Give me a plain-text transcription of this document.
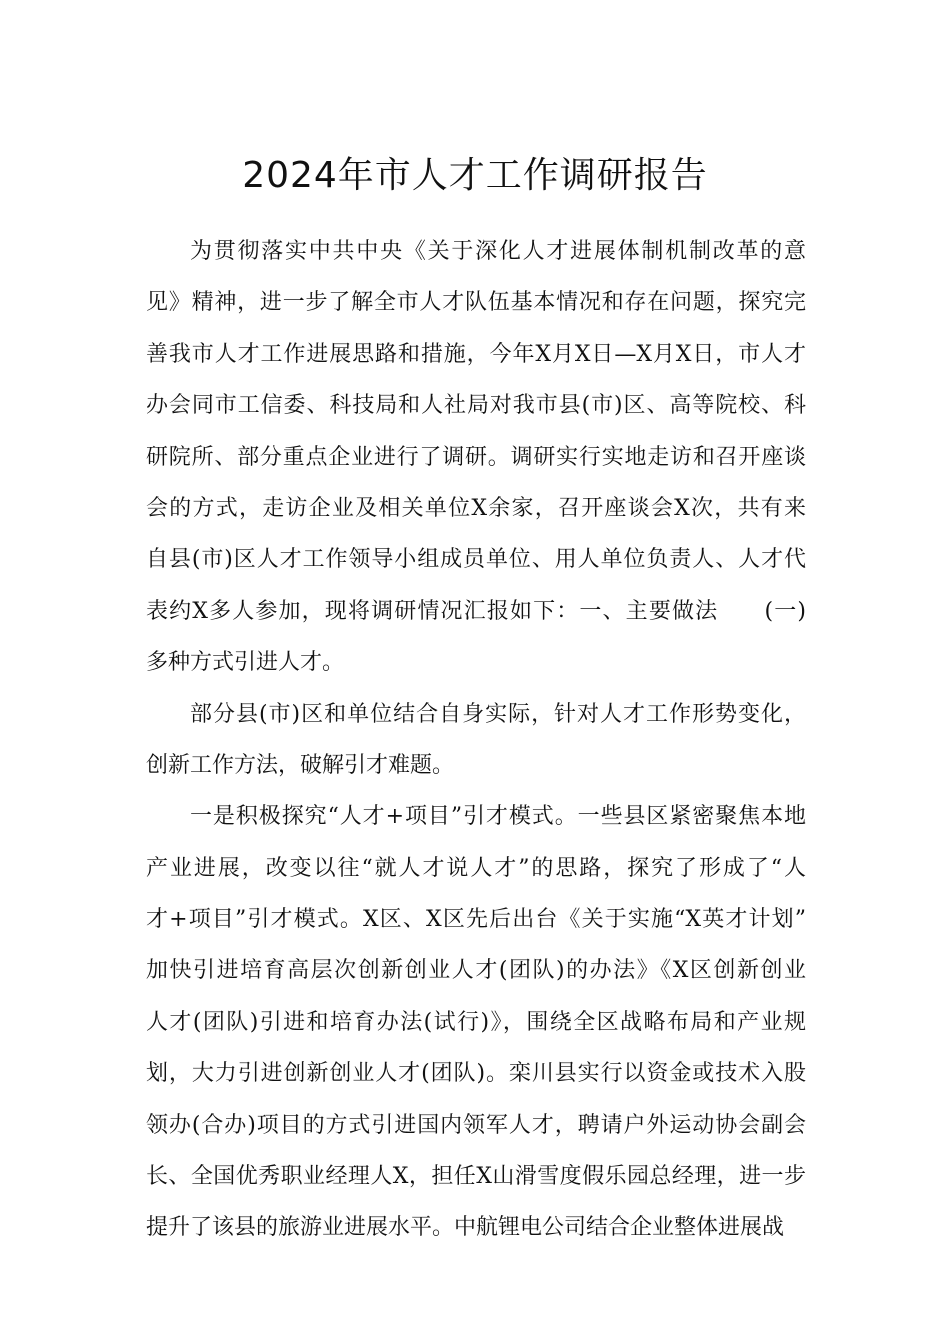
2024年市人才工作调研报告
为贯彻落实中共中央《关于深化人才进展体制机制改革的意
见》精神，进一步了解全市人才队伍基本情况和存在问题，探究完
善我市人才工作进展思路和措施，今年X月X日—X月X日，市人才
办会同市工信委、科技局和人社局对我市县(市)区、高等院校、科
研院所、部分重点企业进行了调研。调研实行实地走访和召开座谈
会的方式，走访企业及相关单位X余家，召开座谈会X次，共有来
自县(市)区人才工作领导小组成员单位、用人单位负责人、人才代
表约X多人参加，现将调研情况汇报如下：一、主要做法　　(一)
多种方式引进人才。
部分县(市)区和单位结合自身实际，针对人才工作形势变化，
创新工作方法，破解引才难题。
一是积极探究“人才+项目”引才模式。一些县区紧密聚焦本地
产业进展，改变以往“就人才说人才”的思路，探究了形成了“人
才+项目”引才模式。X区、X区先后出台《关于实施“X英才计划”
加快引进培育高层次创新创业人才(团队)的办法》《X区创新创业
人才(团队)引进和培育办法(试行)》，围绕全区战略布局和产业规
划，大力引进创新创业人才(团队)。栾川县实行以资金或技术入股
领办(合办)项目的方式引进国内领军人才，聘请户外运动协会副会
长、全国优秀职业经理人X，担任X山滑雪度假乐园总经理，进一步
提升了该县的旅游业进展水平。中航锂电公司结合企业整体进展战
